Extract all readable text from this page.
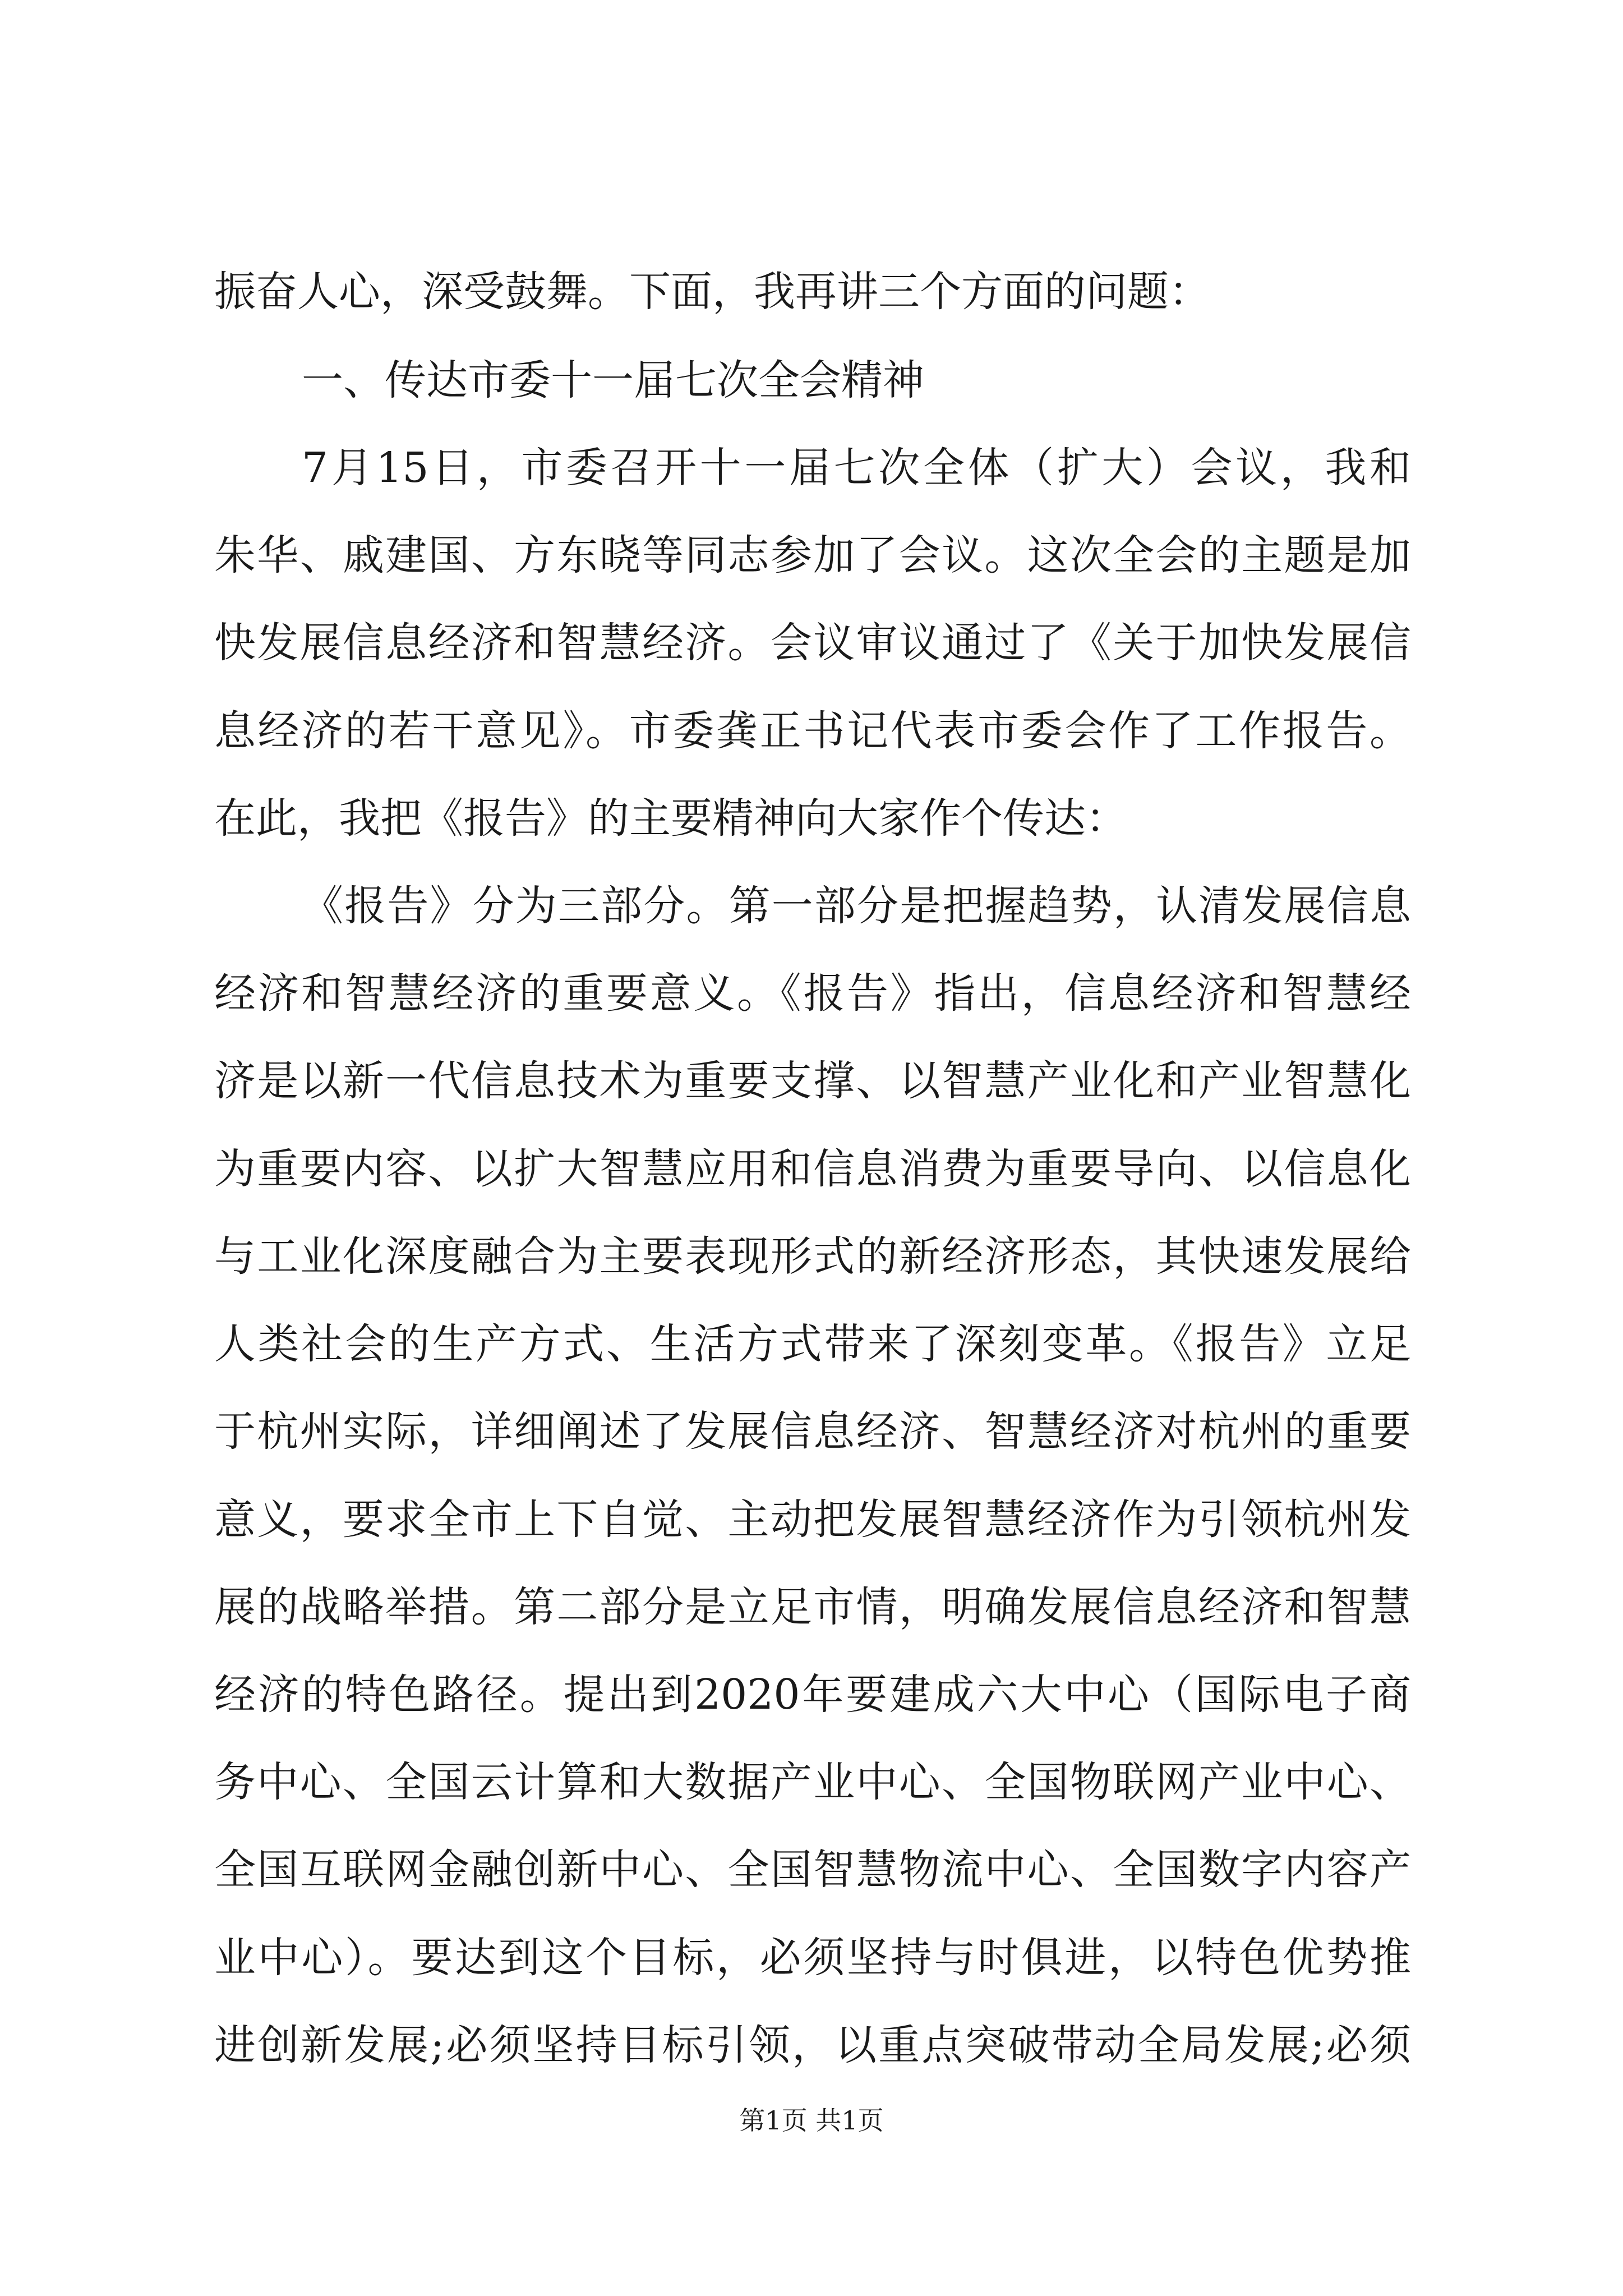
振奋人心，深受鼓舞。下面，我再讲三个方面的问题：
一、传达市委十一届七次全会精神
7月15日，市委召开十一届七次全体（扩大）会议，我和
朱华、戚建国、方东晓等同志参加了会议。这次全会的主题是加
快发展信息经济和智慧经济。会议审议通过了《关于加快发展信
息经济的若干意见》。市委龚正书记代表市委会作了工作报告。
在此，我把《报告》的主要精神向大家作个传达：
《报告》分为三部分。第一部分是把握趋势，认清发展信息
经济和智慧经济的重要意义。《报告》指出，信息经济和智慧经
济是以新一代信息技术为重要支撑、以智慧产业化和产业智慧化
为重要内容、以扩大智慧应用和信息消费为重要导向、以信息化
与工业化深度融合为主要表现形式的新经济形态，其快速发展给
人类社会的生产方式、生活方式带来了深刻变革。《报告》立足
于杭州实际，详细阐述了发展信息经济、智慧经济对杭州的重要
意义，要求全市上下自觉、主动把发展智慧经济作为引领杭州发
展的战略举措。第二部分是立足市情，明确发展信息经济和智慧
经济的特色路径。提出到2020年要建成六大中心（国际电子商
务中心、全国云计算和大数据产业中心、全国物联网产业中心、
全国互联网金融创新中心、全国智慧物流中心、全国数字内容产
业中心）。要达到这个目标，必须坚持与时俱进，以特色优势推
进创新发展;必须坚持目标引领，以重点突破带动全局发展;必须
第1页 共1页
